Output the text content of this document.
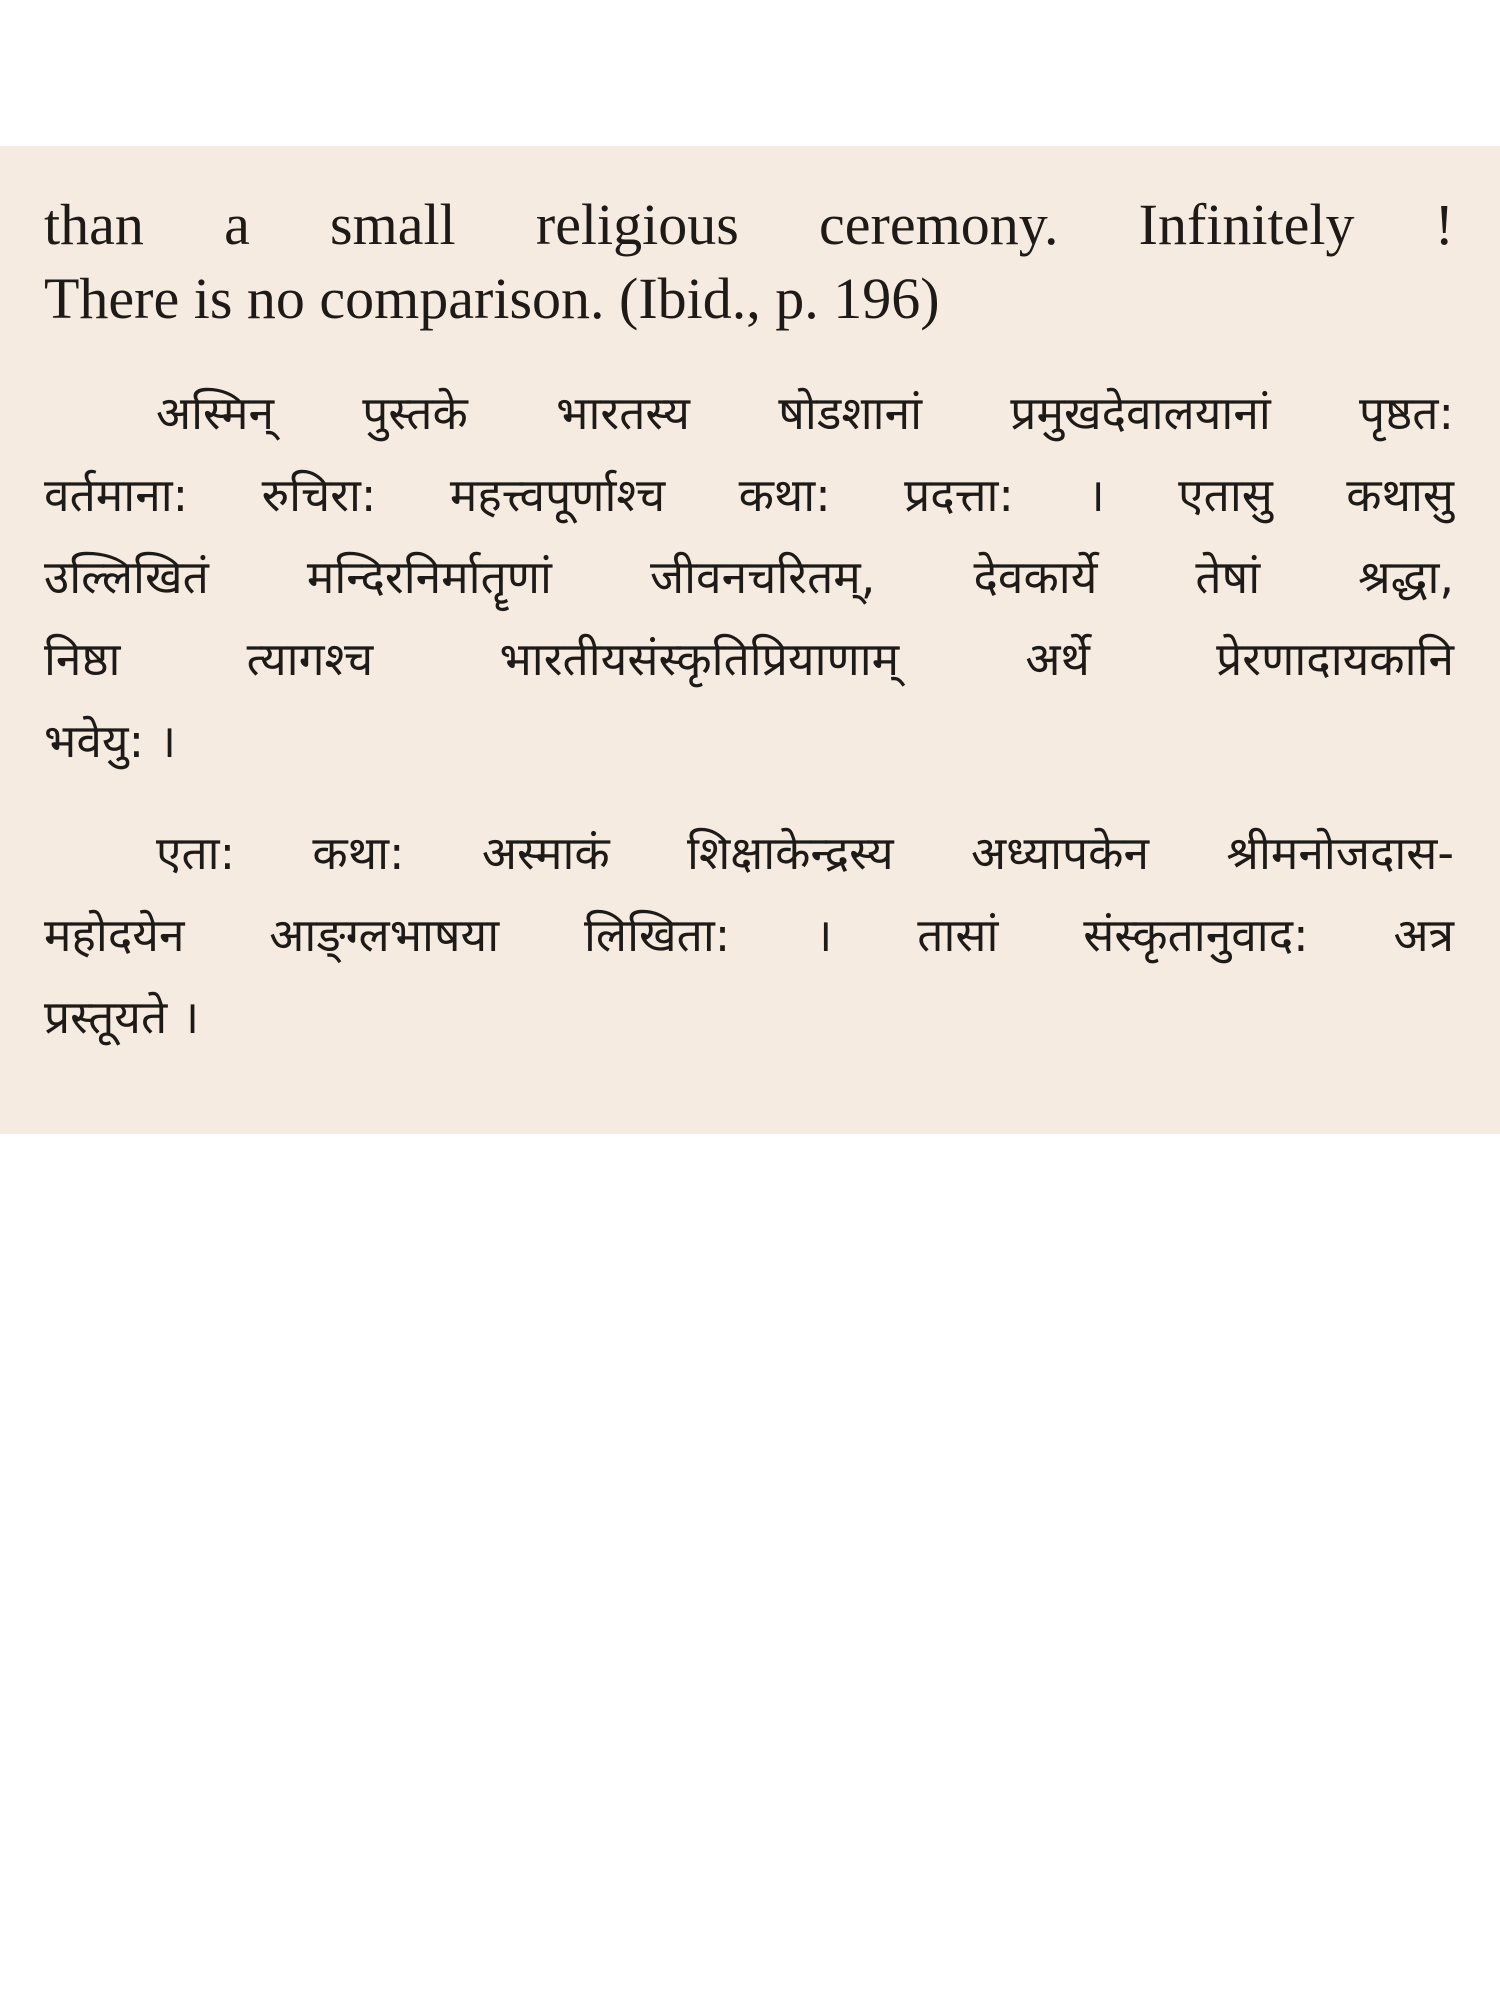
than a small religious ceremony. Infinitely !
There is no comparison. (Ibid., p. 196)

अस्मिन् पुस्तके भारतस्य षोडशानां प्रमुखदेवालयानां पृष्ठत:
वर्तमाना: रुचिरा: महत्त्वपूर्णाश्च कथा: प्रदत्ता: । एतासु कथासु
उल्लिखितं मन्दिरनिर्मातॄणां जीवनचरितम्, देवकार्ये तेषां श्रद्धा,
निष्ठा त्यागश्च भारतीयसंस्कृतिप्रियाणाम् अर्थे प्रेरणादायकानि
भवेयु: ।

एता: कथा: अस्माकं शिक्षाकेन्द्रस्य अध्यापकेन श्रीमनोजदास-
महोदयेन आङ्ग्लभाषया लिखिता: । तासां संस्कृतानुवाद: अत्र
प्रस्तूयते ।
